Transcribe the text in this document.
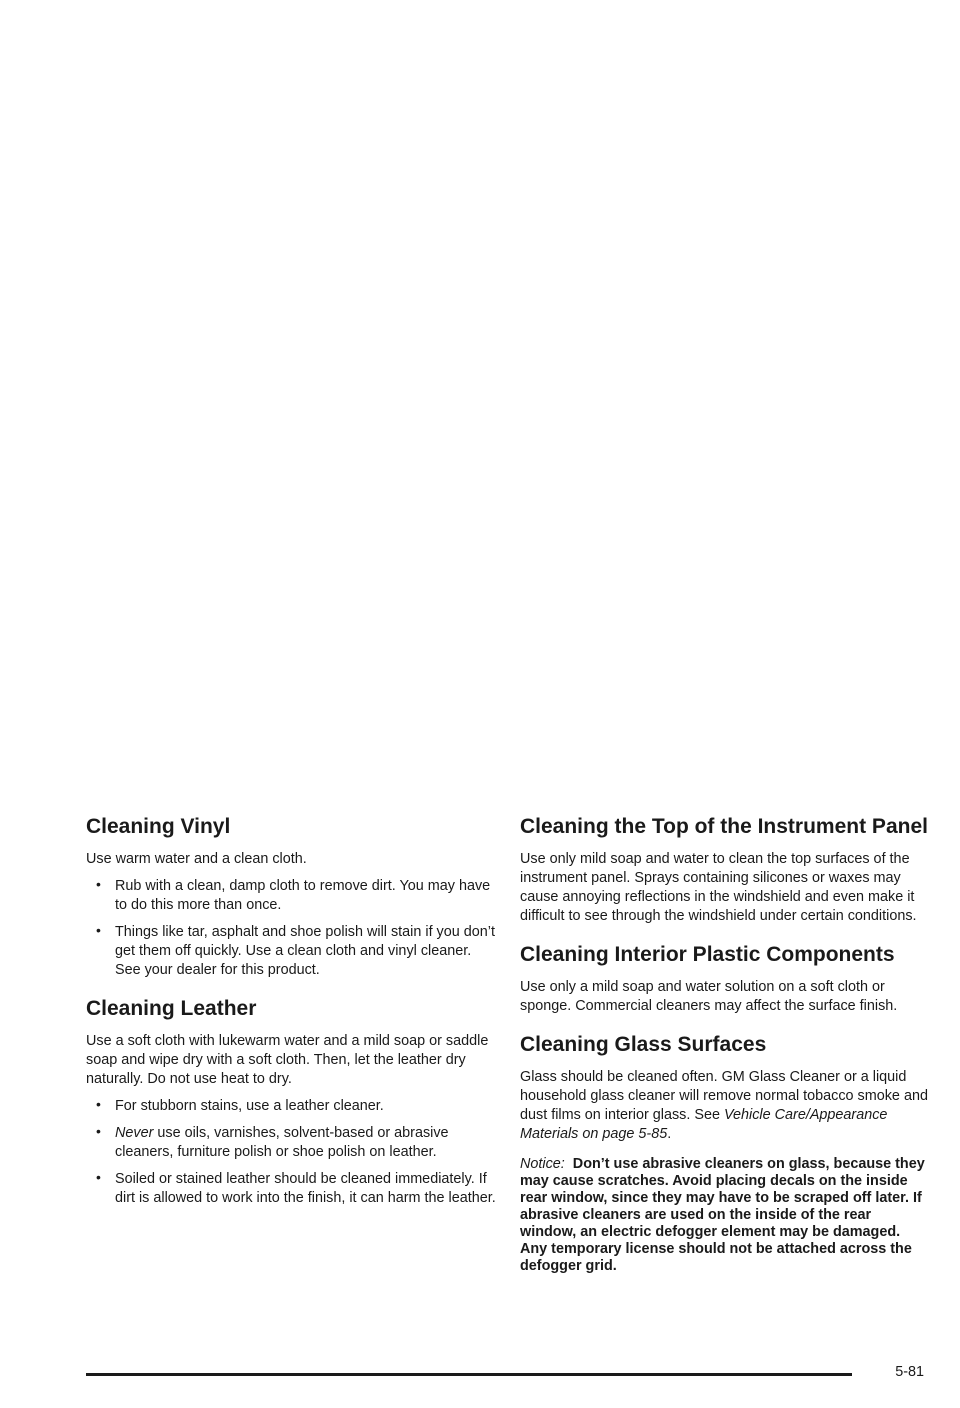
Cleaning Vinyl

Use warm water and a clean cloth.

• Rub with a clean, damp cloth to remove dirt. You may have to do this more than once.
• Things like tar, asphalt and shoe polish will stain if you don’t get them off quickly. Use a clean cloth and vinyl cleaner. See your dealer for this product.
Cleaning Leather

Use a soft cloth with lukewarm water and a mild soap or saddle soap and wipe dry with a soft cloth. Then, let the leather dry naturally. Do not use heat to dry.

• For stubborn stains, use a leather cleaner.
• Never use oils, varnishes, solvent-based or abrasive cleaners, furniture polish or shoe polish on leather.
• Soiled or stained leather should be cleaned immediately. If dirt is allowed to work into the finish, it can harm the leather.
Cleaning the Top of the Instrument Panel

Use only mild soap and water to clean the top surfaces of the instrument panel. Sprays containing silicones or waxes may cause annoying reflections in the windshield and even make it difficult to see through the windshield under certain conditions.

Cleaning Interior Plastic Components

Use only a mild soap and water solution on a soft cloth or sponge. Commercial cleaners may affect the surface finish.

Cleaning Glass Surfaces

Glass should be cleaned often. GM Glass Cleaner or a liquid household glass cleaner will remove normal tobacco smoke and dust films on interior glass. See Vehicle Care/Appearance Materials on page 5-85.

Notice: Don’t use abrasive cleaners on glass, because they may cause scratches. Avoid placing decals on the inside rear window, since they may have to be scraped off later. If abrasive cleaners are used on the inside of the rear window, an electric defogger element may be damaged. Any temporary license should not be attached across the defogger grid.

5-81
